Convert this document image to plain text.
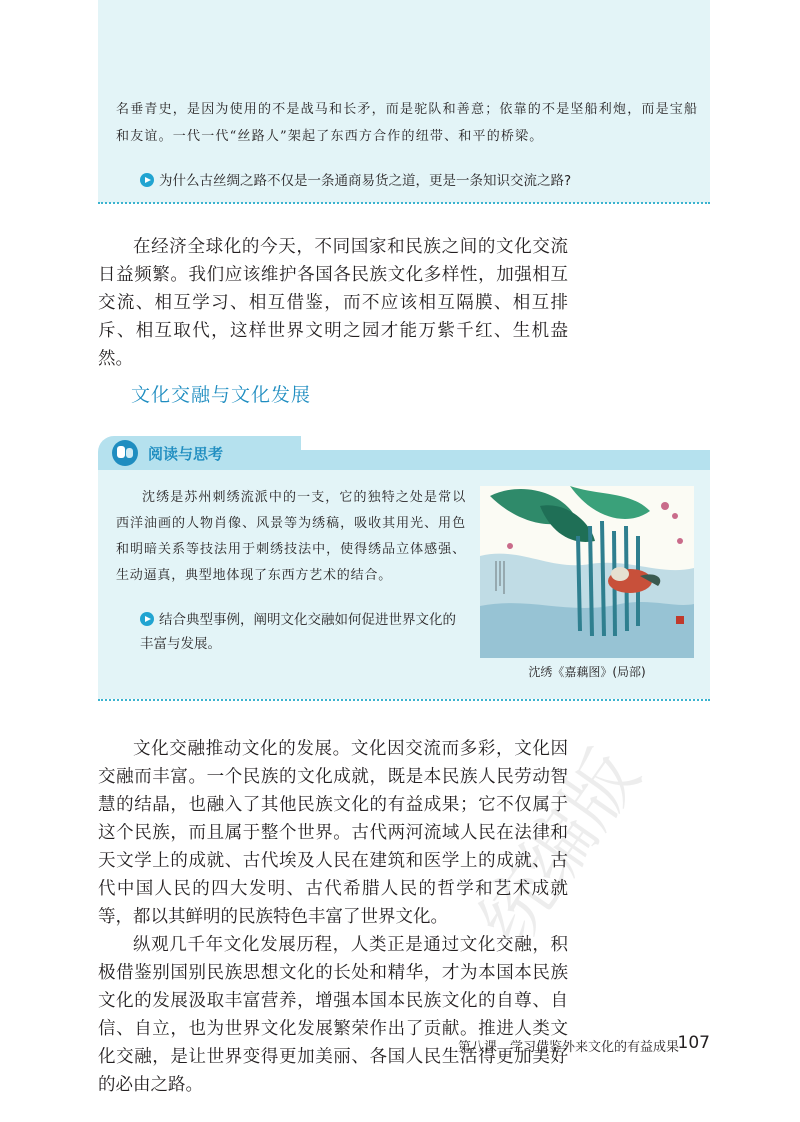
名垂青史，是因为使用的不是战马和长矛，而是驼队和善意；依靠的不是坚船利炮，而是宝船和友谊。一代一代“丝路人”架起了东西方合作的纽带、和平的桥梁。
为什么古丝绸之路不仅是一条通商易货之道，更是一条知识交流之路?

在经济全球化的今天，不同国家和民族之间的文化交流日益频繁。我们应该维护各国各民族文化多样性，加强相互交流、相互学习、相互借鉴，而不应该相互隔膜、相互排斥、相互取代，这样世界文明之园才能万紫千红、生机盎然。

文化交融与文化发展
阅读与思考

沈绣是苏州刺绣流派中的一支，它的独特之处是常以西洋油画的人物肖像、风景等为绣稿，吸收其用光、用色和明暗关系等技法用于刺绣技法中，使得绣品立体感强、生动逼真，典型地体现了东西方艺术的结合。

结合典型事例，阐明文化交融如何促进世界文化的丰富与发展。
沈绣《嘉藕图》(局部)

文化交融推动文化的发展。文化因交流而多彩，文化因交融而丰富。一个民族的文化成就，既是本民族人民劳动智慧的结晶，也融入了其他民族文化的有益成果；它不仅属于这个民族，而且属于整个世界。古代两河流域人民在法律和天文学上的成就、古代埃及人民在建筑和医学上的成就、古代中国人民的四大发明、古代希腊人民的哲学和艺术成就等，都以其鲜明的民族特色丰富了世界文化。

纵观几千年文化发展历程，人类正是通过文化交融，积极借鉴别国别民族思想文化的长处和精华，才为本国本民族文化的发展汲取丰富营养，增强本国本民族文化的自尊、自信、自立，也为世界文化发展繁荣作出了贡献。推进人类文化交融，是让世界变得更加美丽、各国人民生活得更加美好的必由之路。

统编版
第八课　学习借鉴外来文化的有益成果
107
